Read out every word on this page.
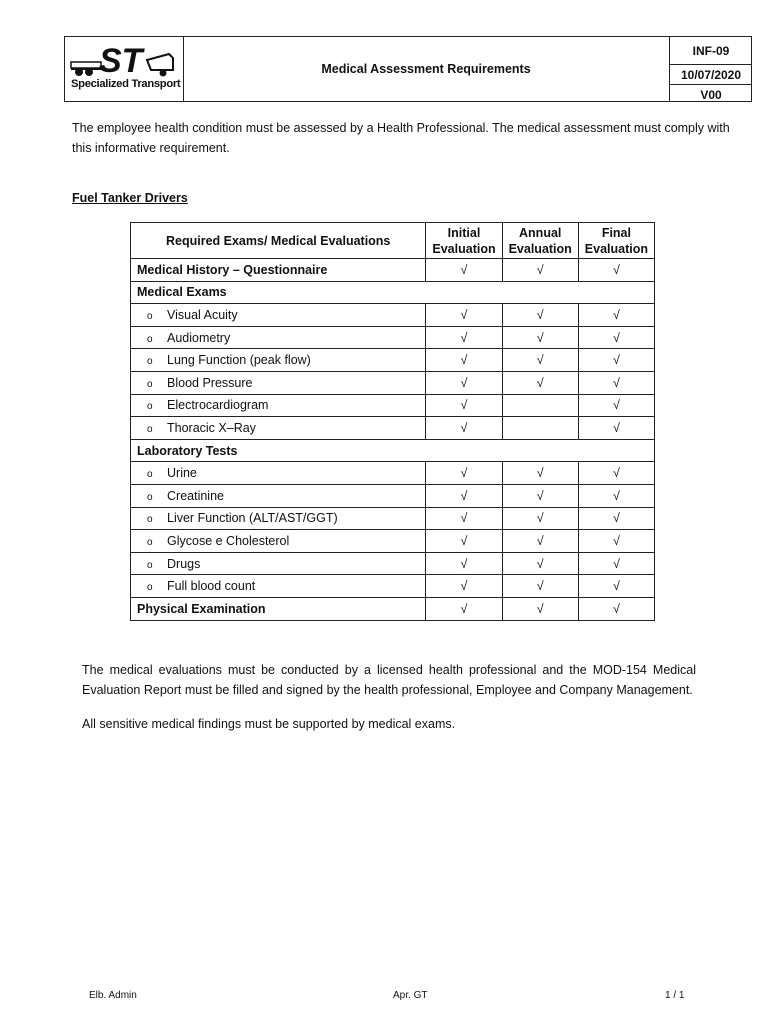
ST
Specialized Transport
Medical Assessment Requirements
INF-09
10/07/2020
V00

The employee health condition must be assessed by a Health Professional. The medical assessment must comply with this informative requirement.

Fuel Tanker Drivers

Required Exams/ Medical Evaluations	Initial Evaluation	Annual Evaluation	Final Evaluation
Medical History – Questionnaire	√	√	√
Medical Exams			
o Visual Acuity	√	√	√
o Audiometry	√	√	√
o Lung Function (peak flow)	√	√	√
o Blood Pressure	√	√	√
o Electrocardiogram	√		√
o Thoracic X–Ray	√		√
Laboratory Tests			
o Urine	√	√	√
o Creatinine	√	√	√
o Liver Function (ALT/AST/GGT)	√	√	√
o Glycose e Cholesterol	√	√	√
o Drugs	√	√	√
o Full blood count	√	√	√
Physical Examination	√	√	√

The medical evaluations must be conducted by a licensed health professional and the MOD-154 Medical Evaluation Report must be filled and signed by the health professional, Employee and Company Management.

All sensitive medical findings must be supported by medical exams.

Elb. Admin	Apr. GT	1 / 1
